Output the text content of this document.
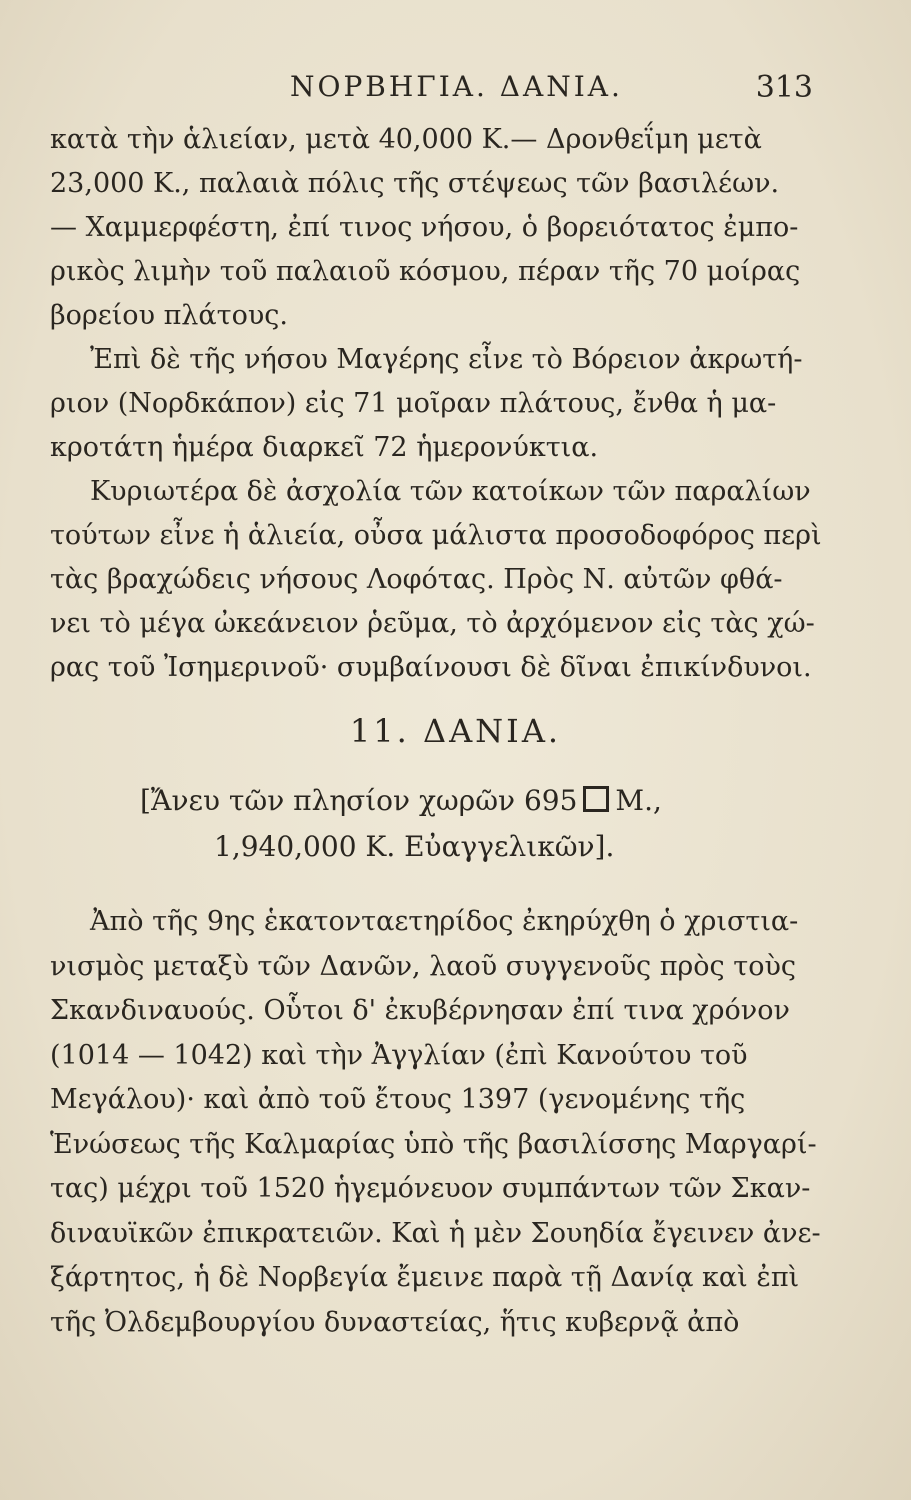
ΝΟΡΒΗΓΙΑ. ΔΑΝΙΑ.	313
κατὰ τὴν ἁλιείαν, μετὰ 40,000 Κ.— Δρονθεΐμη μετὰ
23,000 Κ., παλαιὰ πόλις τῆς στέψεως τῶν βασιλέων.
— Χαμμερφέστη, ἐπί τινος νήσου, ὁ βορειότατος ἐμπο-
ρικὸς λιμὴν τοῦ παλαιοῦ κόσμου, πέραν τῆς 70 μοίρας
βορείου πλάτους.
Ἐπὶ δὲ τῆς νήσου Μαγέρης εἶνε τὸ Βόρειον ἀκρωτή-
ριον (Νορδκάπον) εἰς 71 μοῖραν πλάτους, ἔνθα ἡ μα-
κροτάτη ἡμέρα διαρκεῖ 72 ἡμερονύκτια.
Κυριωτέρα δὲ ἀσχολία τῶν κατοίκων τῶν παραλίων
τούτων εἶνε ἡ ἁλιεία, οὖσα μάλιστα προσοδοφόρος περὶ
τὰς βραχώδεις νήσους Λοφότας. Πρὸς Ν. αὐτῶν φθά-
νει τὸ μέγα ὠκεάνειον ῥεῦμα, τὸ ἀρχόμενον εἰς τὰς χώ-
ρας τοῦ Ἰσημερινοῦ· συμβαίνουσι δὲ δῖναι ἐπικίνδυνοι.
11. ΔΑΝΙΑ.
[Ἄνευ τῶν πλησίον χωρῶν 695 Μ.,
1,940,000 Κ. Εὐαγγελικῶν].
Ἀπὸ τῆς 9ης ἑκατονταετηρίδος ἐκηρύχθη ὁ χριστια-
νισμὸς μεταξὺ τῶν Δανῶν, λαοῦ συγγενοῦς πρὸς τοὺς
Σκανδιναυούς. Οὗτοι δ' ἐκυβέρνησαν ἐπί τινα χρόνον
(1014 — 1042) καὶ τὴν Ἀγγλίαν (ἐπὶ Κανούτου τοῦ
Μεγάλου)· καὶ ἀπὸ τοῦ ἔτους 1397 (γενομένης τῆς
Ἑνώσεως τῆς Καλμαρίας ὑπὸ τῆς βασιλίσσης Μαργαρί-
τας) μέχρι τοῦ 1520 ἡγεμόνευον συμπάντων τῶν Σκαν-
διναυϊκῶν ἐπικρατειῶν. Καὶ ἡ μὲν Σουηδία ἔγεινεν ἀνε-
ξάρτητος, ἡ δὲ Νορβεγία ἔμεινε παρὰ τῇ Δανίᾳ καὶ ἐπὶ
τῆς Ὀλδεμβουργίου δυναστείας, ἥτις κυβερνᾷ ἀπὸ
